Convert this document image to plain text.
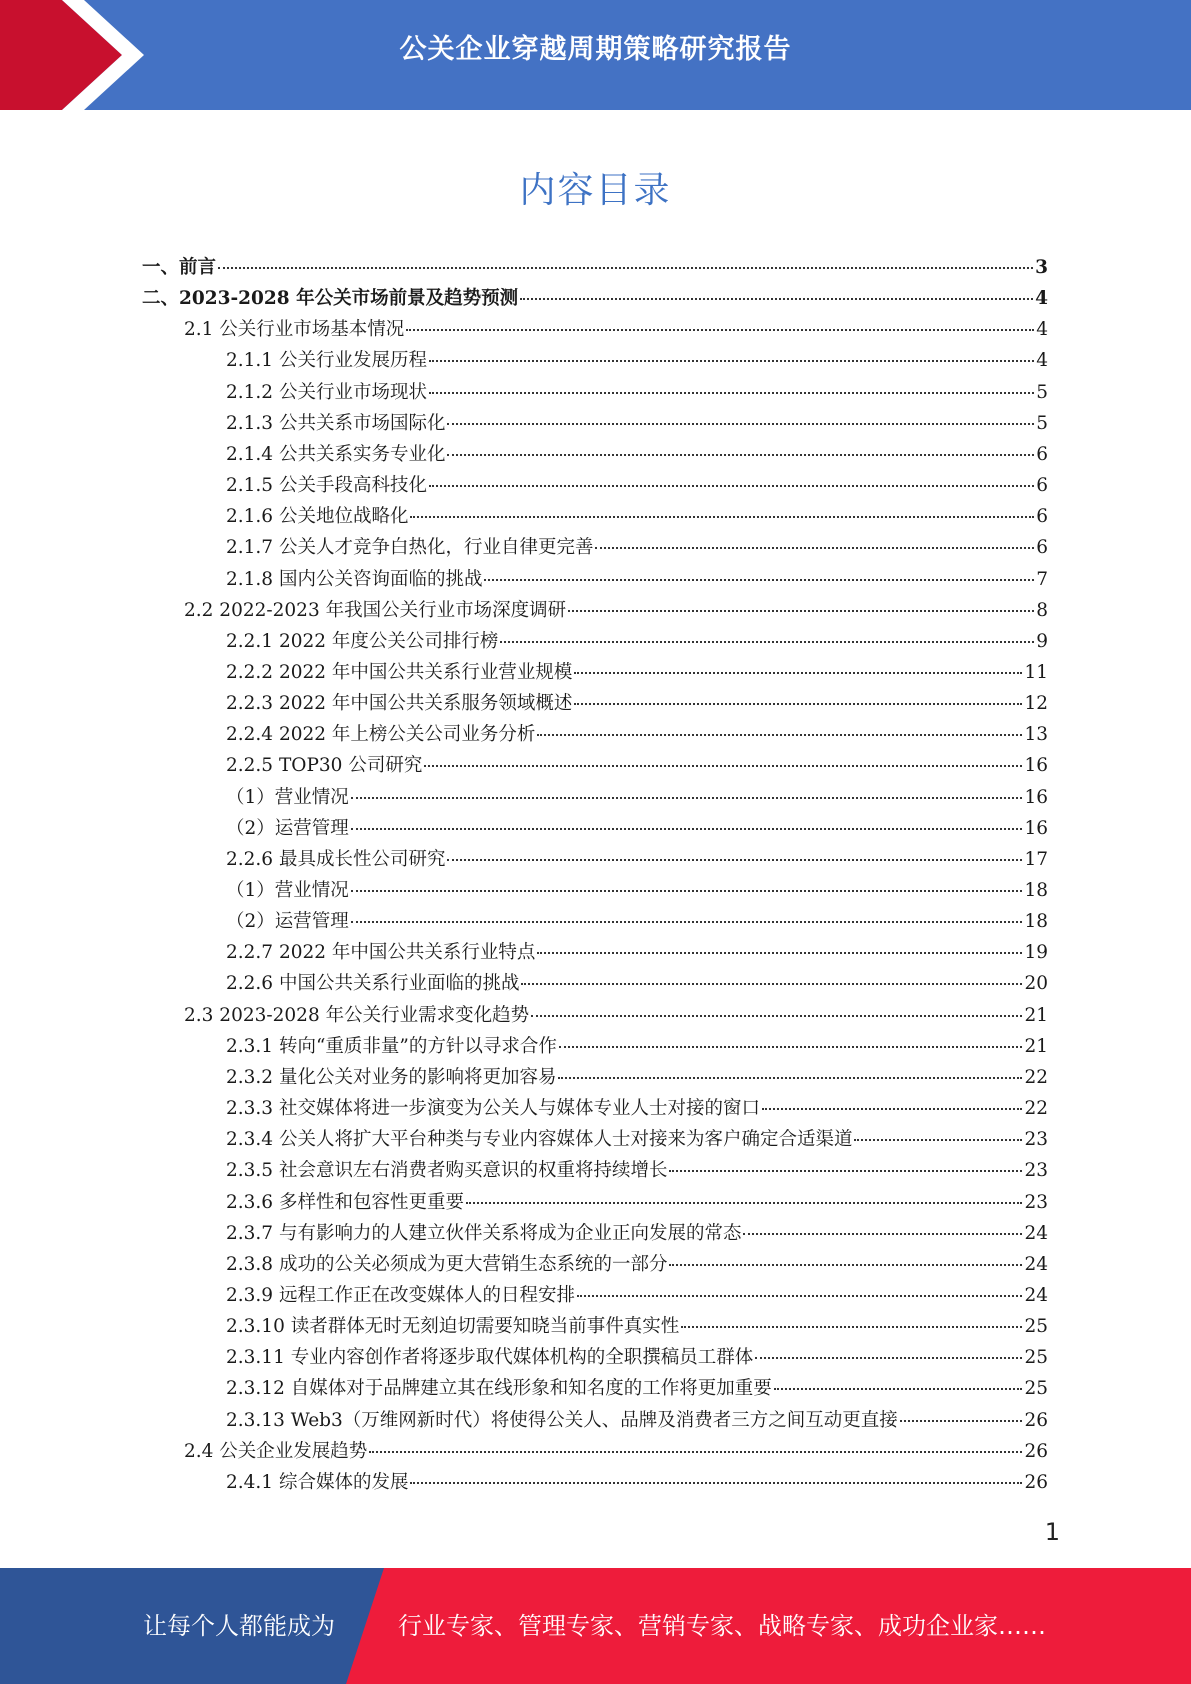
公关企业穿越周期策略研究报告
内容目录
一、前言	3
二、2023-2028 年公关市场前景及趋势预测	4
2.1 公关行业市场基本情况	4
2.1.1 公关行业发展历程	4
2.1.2 公关行业市场现状	5
2.1.3 公共关系市场国际化	5
2.1.4 公共关系实务专业化	6
2.1.5 公关手段高科技化	6
2.1.6 公关地位战略化	6
2.1.7 公关人才竞争白热化，行业自律更完善	6
2.1.8 国内公关咨询面临的挑战	7
2.2 2022-2023 年我国公关行业市场深度调研	8
2.2.1 2022 年度公关公司排行榜	9
2.2.2 2022 年中国公共关系行业营业规模	11
2.2.3 2022 年中国公共关系服务领域概述	12
2.2.4 2022 年上榜公关公司业务分析	13
2.2.5 TOP30 公司研究	16
（1）营业情况	16
（2）运营管理	16
2.2.6 最具成长性公司研究	17
（1）营业情况	18
（2）运营管理	18
2.2.7 2022 年中国公共关系行业特点	19
2.2.6 中国公共关系行业面临的挑战	20
2.3 2023-2028 年公关行业需求变化趋势	21
2.3.1 转向“重质非量”的方针以寻求合作	21
2.3.2 量化公关对业务的影响将更加容易	22
2.3.3 社交媒体将进一步演变为公关人与媒体专业人士对接的窗口	22
2.3.4 公关人将扩大平台种类与专业内容媒体人士对接来为客户确定合适渠道	23
2.3.5 社会意识左右消费者购买意识的权重将持续增长	23
2.3.6 多样性和包容性更重要	23
2.3.7 与有影响力的人建立伙伴关系将成为企业正向发展的常态	24
2.3.8 成功的公关必须成为更大营销生态系统的一部分	24
2.3.9 远程工作正在改变媒体人的日程安排	24
2.3.10 读者群体无时无刻迫切需要知晓当前事件真实性	25
2.3.11 专业内容创作者将逐步取代媒体机构的全职撰稿员工群体	25
2.3.12 自媒体对于品牌建立其在线形象和知名度的工作将更加重要	25
2.3.13 Web3（万维网新时代）将使得公关人、品牌及消费者三方之间互动更直接	26
2.4 公关企业发展趋势	26
2.4.1 综合媒体的发展	26
1
让每个人都能成为	行业专家、管理专家、营销专家、战略专家、成功企业家……
